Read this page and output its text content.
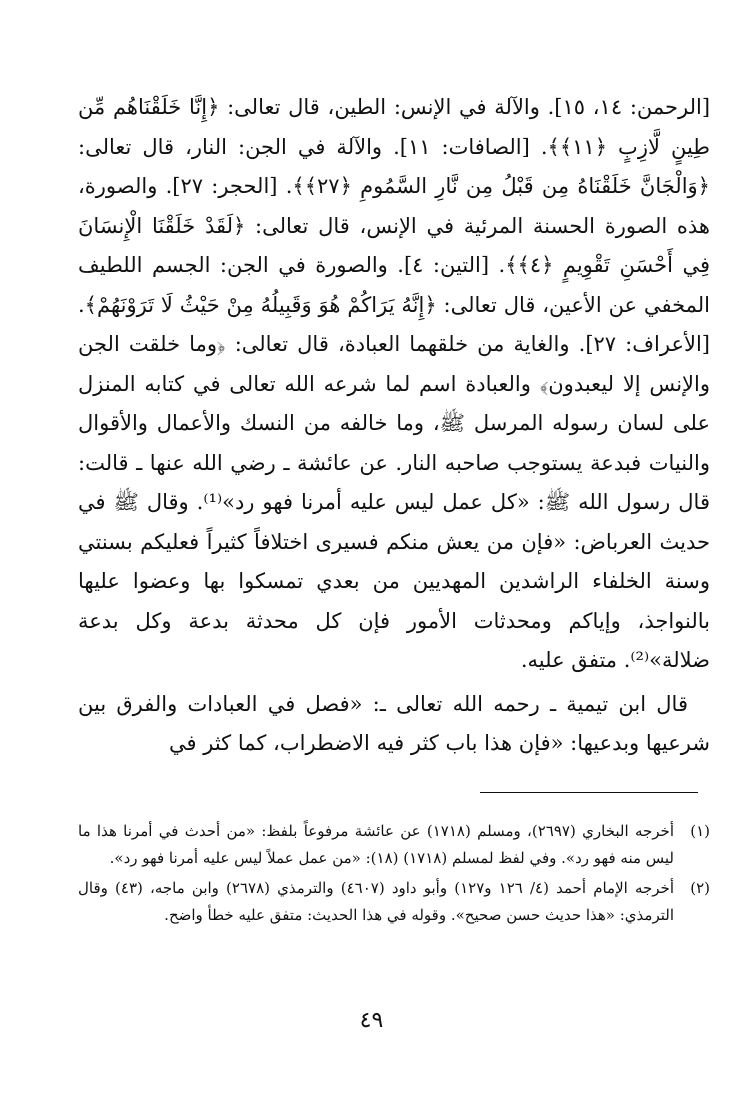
[الرحمن: ١٤، ١٥]. والآلة في الإنس: الطين، قال تعالى: ﴿إِنَّا خَلَقْنَاهُم مِّن طِينٍ لَّازِبٍ ﴿١١﴾﴾. [الصافات: ١١]. والآلة في الجن: النار، قال تعالى: ﴿وَالْجَانَّ خَلَقْنَاهُ مِن قَبْلُ مِن نَّارِ السَّمُومِ ﴿٢٧﴾﴾. [الحجر: ٢٧]. والصورة، هذه الصورة الحسنة المرئية في الإنس، قال تعالى: ﴿لَقَدْ خَلَقْنَا الْإِنسَانَ فِي أَحْسَنِ تَقْوِيمٍ ﴿٤﴾﴾. [التين: ٤]. والصورة في الجن: الجسم اللطيف المخفي عن الأعين، قال تعالى: ﴿إِنَّهُ يَرَاكُمْ هُوَ وَقَبِيلُهُ مِنْ حَيْثُ لَا تَرَوْنَهُمْ﴾. [الأعراف: ٢٧]. والغاية من خلقهما العبادة، قال تعالى: ﴿وما خلقت الجن والإنس إلا ليعبدون﴾ والعبادة اسم لما شرعه الله تعالى في كتابه المنزل على لسان رسوله المرسل ﷺ، وما خالفه من النسك والأعمال والأقوال والنيات فبدعة يستوجب صاحبه النار. عن عائشة ـ رضي الله عنها ـ قالت: قال رسول الله ﷺ: «كل عمل ليس عليه أمرنا فهو رد»⁽¹⁾. وقال ﷺ في حديث العرباض: «فإن من يعش منكم فسيرى اختلافاً كثيراً فعليكم بسنتي وسنة الخلفاء الراشدين المهديين من بعدي تمسكوا بها وعضوا عليها بالنواجذ، وإياكم ومحدثات الأمور فإن كل محدثة بدعة وكل بدعة ضلالة»⁽²⁾. متفق عليه.

قال ابن تيمية ـ رحمه الله تعالى ـ: «فصل في العبادات والفرق بين شرعيها وبدعيها: «فإن هذا باب كثر فيه الاضطراب، كما كثر في

(١)
أخرجه البخاري (٢٦٩٧)، ومسلم (١٧١٨) عن عائشة مرفوعاً بلفظ: «من أحدث في أمرنا هذا ما ليس منه فهو رد». وفي لفظ لمسلم (١٧١٨) (١٨): «من عمل عملاً ليس عليه أمرنا فهو رد».
(٢)
أخرجه الإمام أحمد (٤/ ١٢٦ و١٢٧) وأبو داود (٤٦٠٧) والترمذي (٢٦٧٨) وابن ماجه، (٤٣) وقال الترمذي: «هذا حديث حسن صحيح». وقوله في هذا الحديث: متفق عليه خطأ واضح.
٤٩
